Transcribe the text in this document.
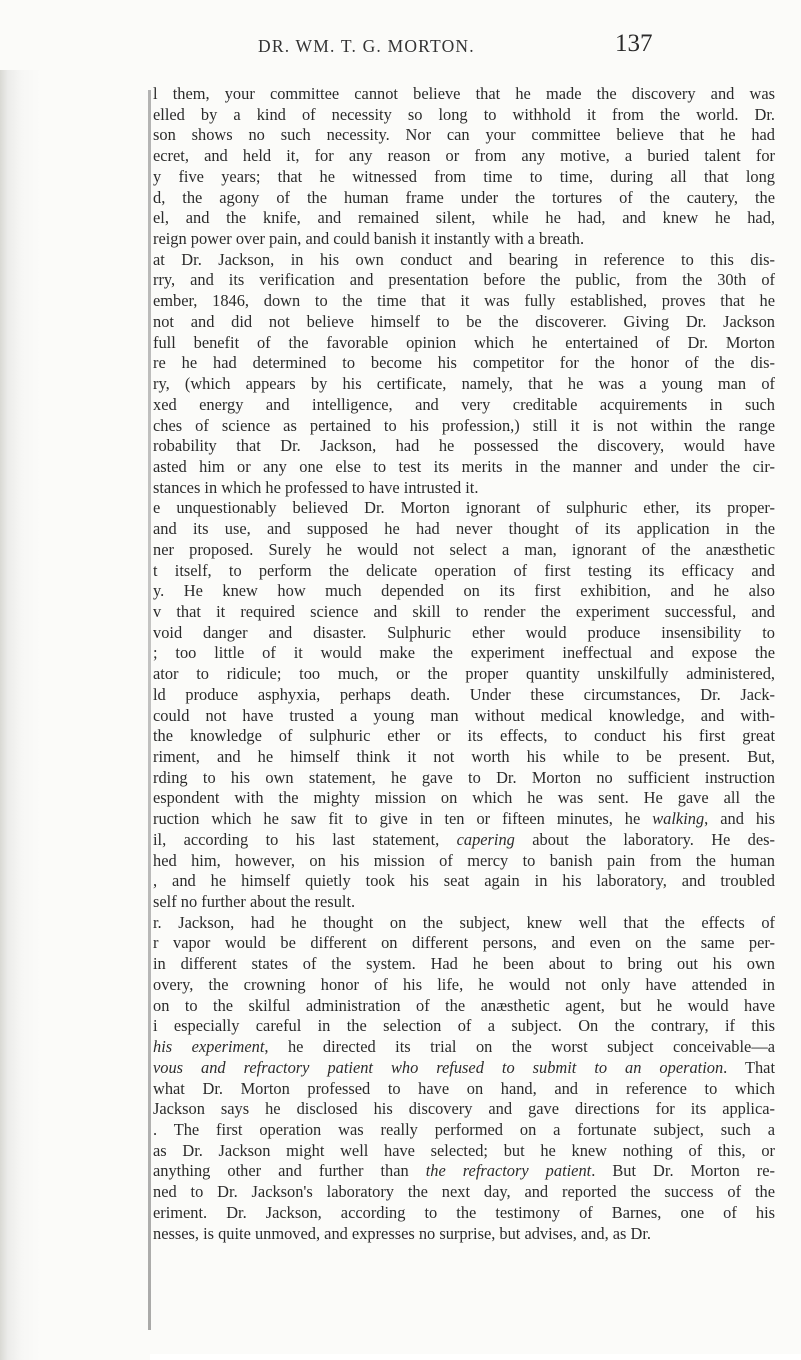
DR. WM. T. G. MORTON.	137
l them, your committee cannot believe that he made the discovery and was
elled by a kind of necessity so long to withhold it from the world. Dr.
son shows no such necessity. Nor can your committee believe that he had
ecret, and held it, for any reason or from any motive, a buried talent for
y five years; that he witnessed from time to time, during all that long
d, the agony of the human frame under the tortures of the cautery, the
el, and the knife, and remained silent, while he had, and knew he had,
reign power over pain, and could banish it instantly with a breath.
at Dr. Jackson, in his own conduct and bearing in reference to this dis-
rry, and its verification and presentation before the public, from the 30th of
ember, 1846, down to the time that it was fully established, proves that he
not and did not believe himself to be the discoverer. Giving Dr. Jackson
full benefit of the favorable opinion which he entertained of Dr. Morton
re he had determined to become his competitor for the honor of the dis-
ry, (which appears by his certificate, namely, that he was a young man of
xed energy and intelligence, and very creditable acquirements in such
ches of science as pertained to his profession,) still it is not within the range
robability that Dr. Jackson, had he possessed the discovery, would have
asted him or any one else to test its merits in the manner and under the cir-
stances in which he professed to have intrusted it.
e unquestionably believed Dr. Morton ignorant of sulphuric ether, its proper-
and its use, and supposed he had never thought of its application in the
ner proposed. Surely he would not select a man, ignorant of the anæsthetic
t itself, to perform the delicate operation of first testing its efficacy and
y. He knew how much depended on its first exhibition, and he also
v that it required science and skill to render the experiment successful, and
void danger and disaster. Sulphuric ether would produce insensibility to
; too little of it would make the experiment ineffectual and expose the
ator to ridicule; too much, or the proper quantity unskilfully administered,
ld produce asphyxia, perhaps death. Under these circumstances, Dr. Jack-
could not have trusted a young man without medical knowledge, and with-
the knowledge of sulphuric ether or its effects, to conduct his first great
riment, and he himself think it not worth his while to be present. But,
rding to his own statement, he gave to Dr. Morton no sufficient instruction
espondent with the mighty mission on which he was sent. He gave all the
ruction which he saw fit to give in ten or fifteen minutes, he walking, and his
il, according to his last statement, capering about the laboratory. He des-
hed him, however, on his mission of mercy to banish pain from the human
, and he himself quietly took his seat again in his laboratory, and troubled
self no further about the result.
r. Jackson, had he thought on the subject, knew well that the effects of
r vapor would be different on different persons, and even on the same per-
in different states of the system. Had he been about to bring out his own
overy, the crowning honor of his life, he would not only have attended in
on to the skilful administration of the anæsthetic agent, but he would have
i especially careful in the selection of a subject. On the contrary, if this
his experiment, he directed its trial on the worst subject conceivable—a
vous and refractory patient who refused to submit to an operation. That
what Dr. Morton professed to have on hand, and in reference to which
Jackson says he disclosed his discovery and gave directions for its applica-
. The first operation was really performed on a fortunate subject, such a
as Dr. Jackson might well have selected; but he knew nothing of this, or
anything other and further than the refractory patient. But Dr. Morton re-
ned to Dr. Jackson's laboratory the next day, and reported the success of the
eriment. Dr. Jackson, according to the testimony of Barnes, one of his
nesses, is quite unmoved, and expresses no surprise, but advises, and, as Dr.
